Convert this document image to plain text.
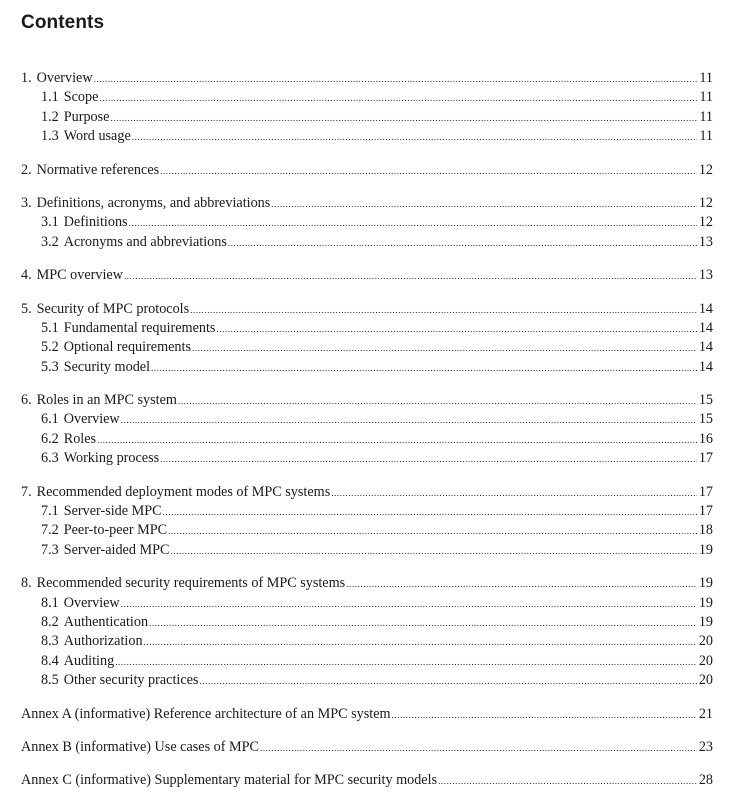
Contents
1. Overview .....	11
1.1 Scope .....	11
1.2 Purpose .....	11
1.3 Word usage .....	11
2. Normative references .....	12
3. Definitions, acronyms, and abbreviations .....	12
3.1 Definitions .....	12
3.2 Acronyms and abbreviations .....	13
4. MPC overview .....	13
5. Security of MPC protocols .....	14
5.1 Fundamental requirements .....	14
5.2 Optional requirements .....	14
5.3 Security model .....	14
6. Roles in an MPC system .....	15
6.1 Overview .....	15
6.2 Roles .....	16
6.3 Working process .....	17
7. Recommended deployment modes of MPC systems .....	17
7.1 Server-side MPC .....	17
7.2 Peer-to-peer MPC .....	18
7.3 Server-aided MPC .....	19
8. Recommended security requirements of MPC systems .....	19
8.1 Overview .....	19
8.2 Authentication .....	19
8.3 Authorization .....	20
8.4 Auditing .....	20
8.5 Other security practices .....	20
Annex A (informative) Reference architecture of an MPC system .....	21
Annex B (informative) Use cases of MPC .....	23
Annex C (informative) Supplementary material for MPC security models .....	28
